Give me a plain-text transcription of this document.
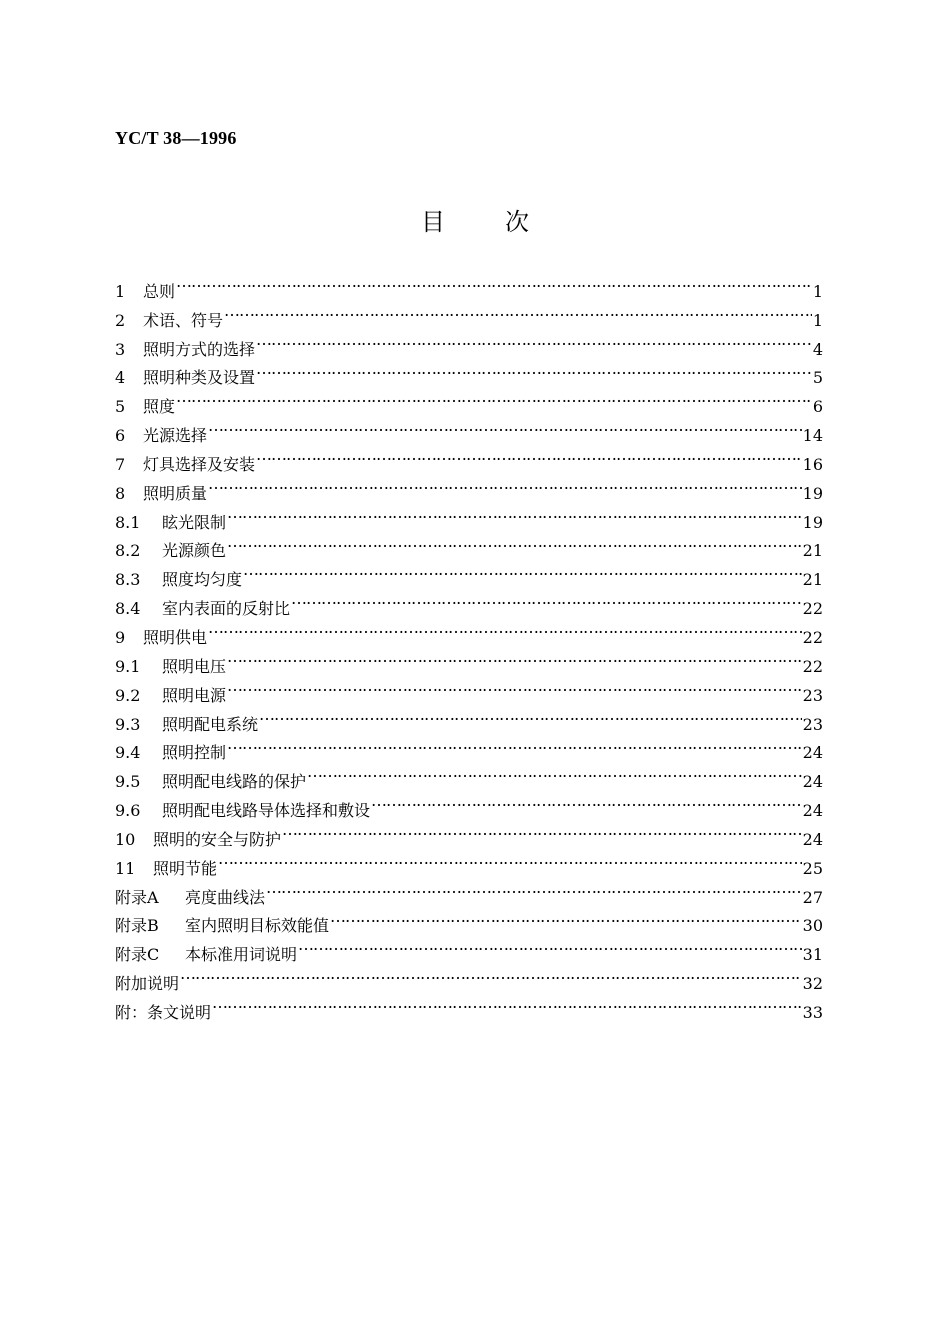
YC/T 38—1996
目	次
1	总则 …………………………………………………………………………………………………………………………………………………………………	1
2	术语、符号 …………………………………………………………………………………………………………………………………………………………………	1
3	照明方式的选择 …………………………………………………………………………………………………………………………………………………………………	4
4	照明种类及设置 …………………………………………………………………………………………………………………………………………………………………	5
5	照度 …………………………………………………………………………………………………………………………………………………………………	6
6	光源选择 …………………………………………………………………………………………………………………………………………………………………	14
7	灯具选择及安装 …………………………………………………………………………………………………………………………………………………………………	16
8	照明质量 …………………………………………………………………………………………………………………………………………………………………	19
8.1	眩光限制 …………………………………………………………………………………………………………………………………………………………………	19
8.2	光源颜色 …………………………………………………………………………………………………………………………………………………………………	21
8.3	照度均匀度 …………………………………………………………………………………………………………………………………………………………………	21
8.4	室内表面的反射比 …………………………………………………………………………………………………………………………………………………………………	22
9	照明供电 …………………………………………………………………………………………………………………………………………………………………	22
9.1	照明电压 …………………………………………………………………………………………………………………………………………………………………	22
9.2	照明电源 …………………………………………………………………………………………………………………………………………………………………	23
9.3	照明配电系统 …………………………………………………………………………………………………………………………………………………………………	23
9.4	照明控制 …………………………………………………………………………………………………………………………………………………………………	24
9.5	照明配电线路的保护 …………………………………………………………………………………………………………………………………………………………………	24
9.6	照明配电线路导体选择和敷设 …………………………………………………………………………………………………………………………………………………………………	24
10	照明的安全与防护 …………………………………………………………………………………………………………………………………………………………………	24
11	照明节能 …………………………………………………………………………………………………………………………………………………………………	25
附录A	亮度曲线法 …………………………………………………………………………………………………………………………………………………………………	27
附录B	室内照明目标效能值 …………………………………………………………………………………………………………………………………………………………………	30
附录C	本标准用词说明 …………………………………………………………………………………………………………………………………………………………………	31
附加说明 …………………………………………………………………………………………………………………………………………………………………	32
附：条文说明 …………………………………………………………………………………………………………………………………………………………………	33
